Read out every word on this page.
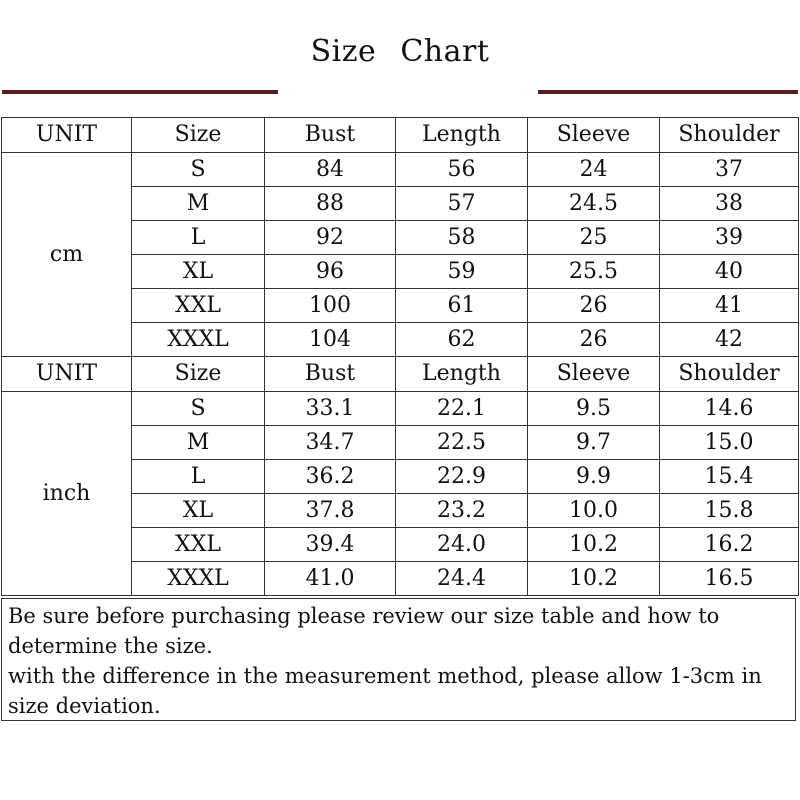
Size Chart
UNIT	Size	Bust	Length	Sleeve	Shoulder
cm	S	84	56	24	37
	M	88	57	24.5	38
	L	92	58	25	39
	XL	96	59	25.5	40
	XXL	100	61	26	41
	XXXL	104	62	26	42
UNIT	Size	Bust	Length	Sleeve	Shoulder
inch	S	33.1	22.1	9.5	14.6
	M	34.7	22.5	9.7	15.0
	L	36.2	22.9	9.9	15.4
	XL	37.8	23.2	10.0	15.8
	XXL	39.4	24.0	10.2	16.2
	XXXL	41.0	24.4	10.2	16.5

Be sure before purchasing please review our size table and how to determine the size.

with the difference in the measurement method, please allow 1-3cm in size deviation.
